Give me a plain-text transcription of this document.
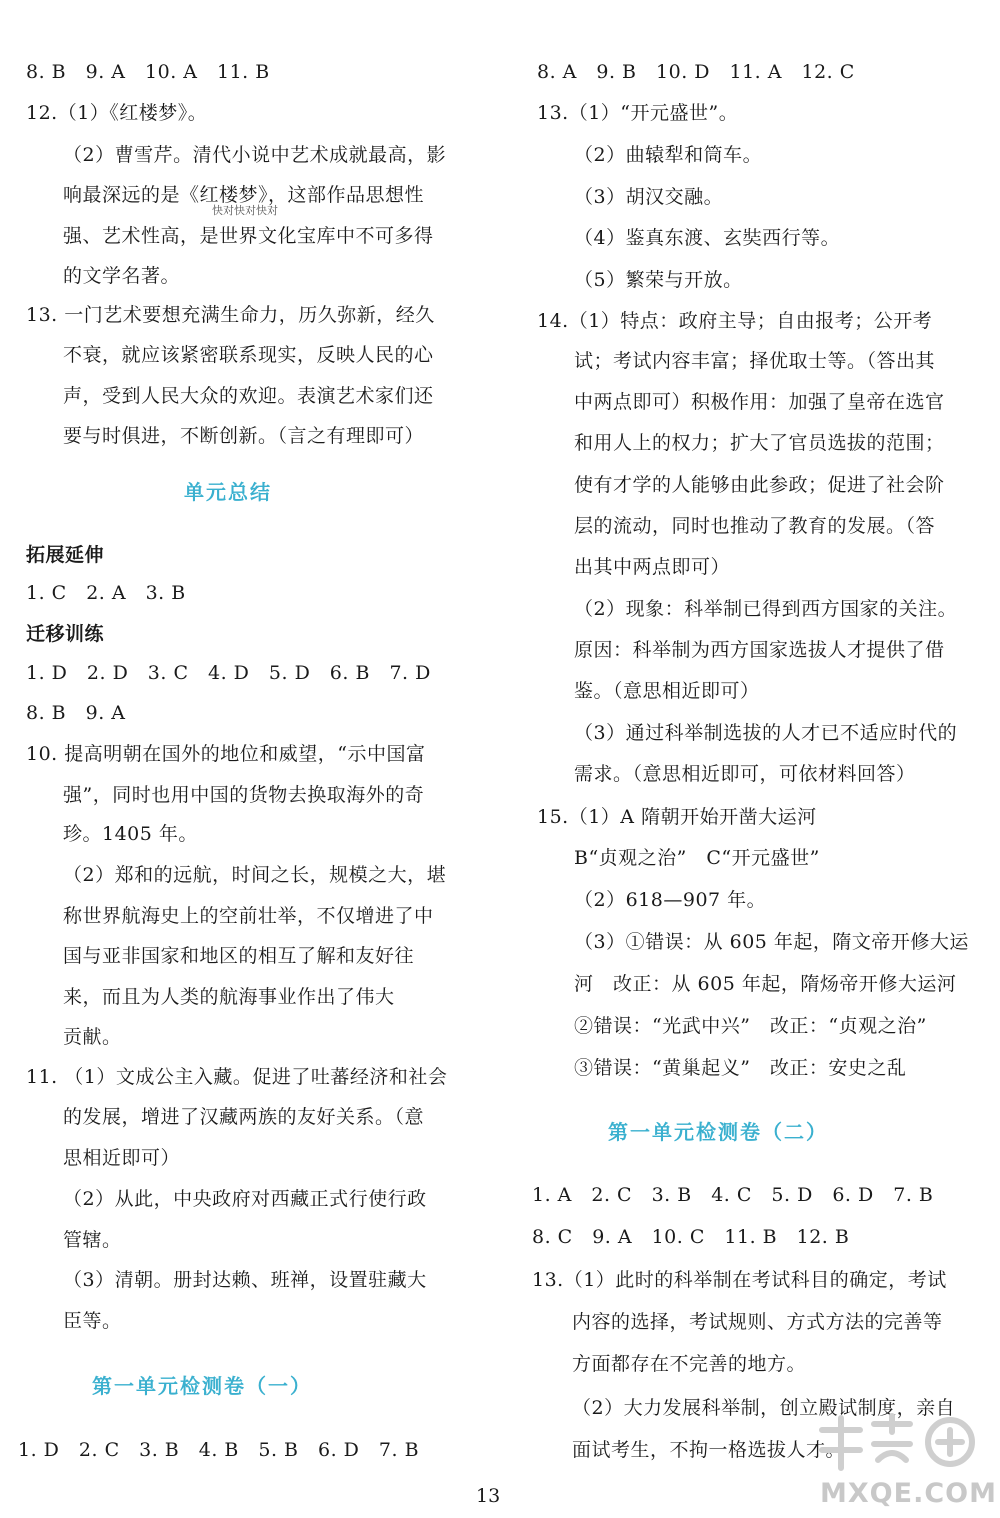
8. B　9. A　10. A　11. B
12.（1）《红楼梦》。
（2）曹雪芹。清代小说中艺术成就最高，影
响最深远的是《红楼梦》，这部作品思想性
快对快对快对
强、艺术性高，是世界文化宝库中不可多得
的文学名著。
13. 一门艺术要想充满生命力，历久弥新，经久
不衰，就应该紧密联系现实，反映人民的心
声，受到人民大众的欢迎。表演艺术家们还
要与时俱进，不断创新。（言之有理即可）
单元总结
拓展延伸
1. C　2. A　3. B
迁移训练
1. D　2. D　3. C　4. D　5. D　6. B　7. D
8. B　9. A
10. 提高明朝在国外的地位和威望，“示中国富
强”，同时也用中国的货物去换取海外的奇
珍。1405 年。
（2）郑和的远航，时间之长，规模之大，堪
称世界航海史上的空前壮举，不仅增进了中
国与亚非国家和地区的相互了解和友好往
来，而且为人类的航海事业作出了伟大
贡献。
11. （1）文成公主入藏。促进了吐蕃经济和社会
的发展，增进了汉藏两族的友好关系。（意
思相近即可）
（2）从此，中央政府对西藏正式行使行政
管辖。
（3）清朝。册封达赖、班禅，设置驻藏大
臣等。
第一单元检测卷（一）
1. D　2. C　3. B　4. B　5. B　6. D　7. B
8. A　9. B　10. D　11. A　12. C
13.（1）“开元盛世”。
（2）曲辕犁和筒车。
（3）胡汉交融。
（4）鉴真东渡、玄奘西行等。
（5）繁荣与开放。
14.（1）特点：政府主导；自由报考；公开考
试；考试内容丰富；择优取士等。（答出其
中两点即可）积极作用：加强了皇帝在选官
和用人上的权力；扩大了官员选拔的范围；
使有才学的人能够由此参政；促进了社会阶
层的流动，同时也推动了教育的发展。（答
出其中两点即可）
（2）现象：科举制已得到西方国家的关注。
原因：科举制为西方国家选拔人才提供了借
鉴。（意思相近即可）
（3）通过科举制选拔的人才已不适应时代的
需求。（意思相近即可，可依材料回答）
15.（1）A 隋朝开始开凿大运河
B“贞观之治”　C“开元盛世”
（2）618—907 年。
（3）①错误：从 605 年起，隋文帝开修大运
河　改正：从 605 年起，隋炀帝开修大运河
②错误：“光武中兴”　改正：“贞观之治”
③错误：“黄巢起义”　改正：安史之乱
第一单元检测卷（二）
1. A　2. C　3. B　4. C　5. D　6. D　7. B
8. C　9. A　10. C　11. B　12. B
13.（1）此时的科举制在考试科目的确定，考试
内容的选择，考试规则、方式方法的完善等
方面都存在不完善的地方。
（2）大力发展科举制，创立殿试制度，亲自
面试考生，不拘一格选拔人才。
13	MXQE.COM
